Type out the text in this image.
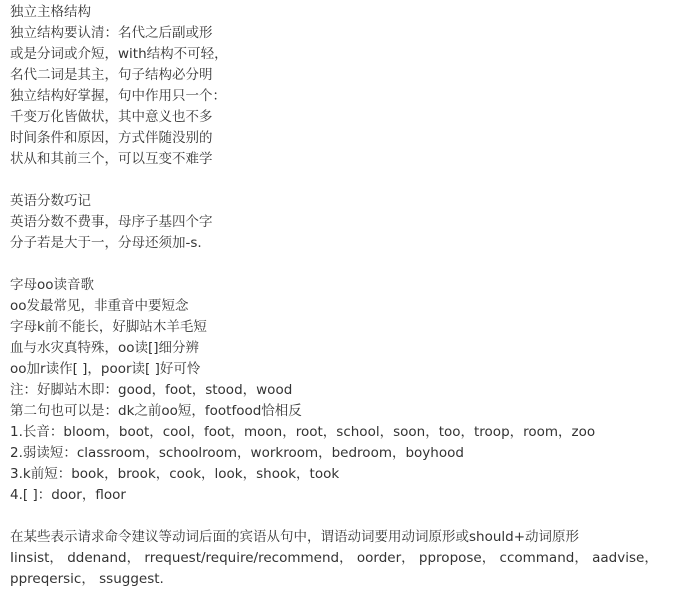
独立主格结构
独立结构要认清：名代之后副或形
或是分词或介短，with结构不可轻，
名代二词是其主，句子结构必分明
独立结构好掌握，句中作用只一个：
千变万化皆做状，其中意义也不多
时间条件和原因，方式伴随没别的
状从和其前三个，可以互变不难学
英语分数巧记
英语分数不费事，母序子基四个字
分子若是大于一，分母还须加-s.
字母oo读音歌
oo发最常见，非重音中要短念
字母k前不能长，好脚站木羊毛短
血与水灾真特殊，oo读[]细分辨
oo加r读作[ ]，poor读[ ]好可怜
注：好脚站木即：good，foot，stood，wood
第二句也可以是：dk之前oo短，footfood恰相反
1.长音：bloom，boot，cool，foot，moon，root，school，soon，too，troop，room，zoo
2.弱读短：classroom，schoolroom，workroom，bedroom，boyhood
3.k前短：book，brook，cook，look，shook，took
4.[ ]：door，floor
在某些表示请求命令建议等动词后面的宾语从句中，谓语动词要用动词原形或should+动词原形
Iinsist， ddenand， rrequest/require/recommend， oorder， ppropose， ccommand， aadvise， ppreqersic， ssuggest.
